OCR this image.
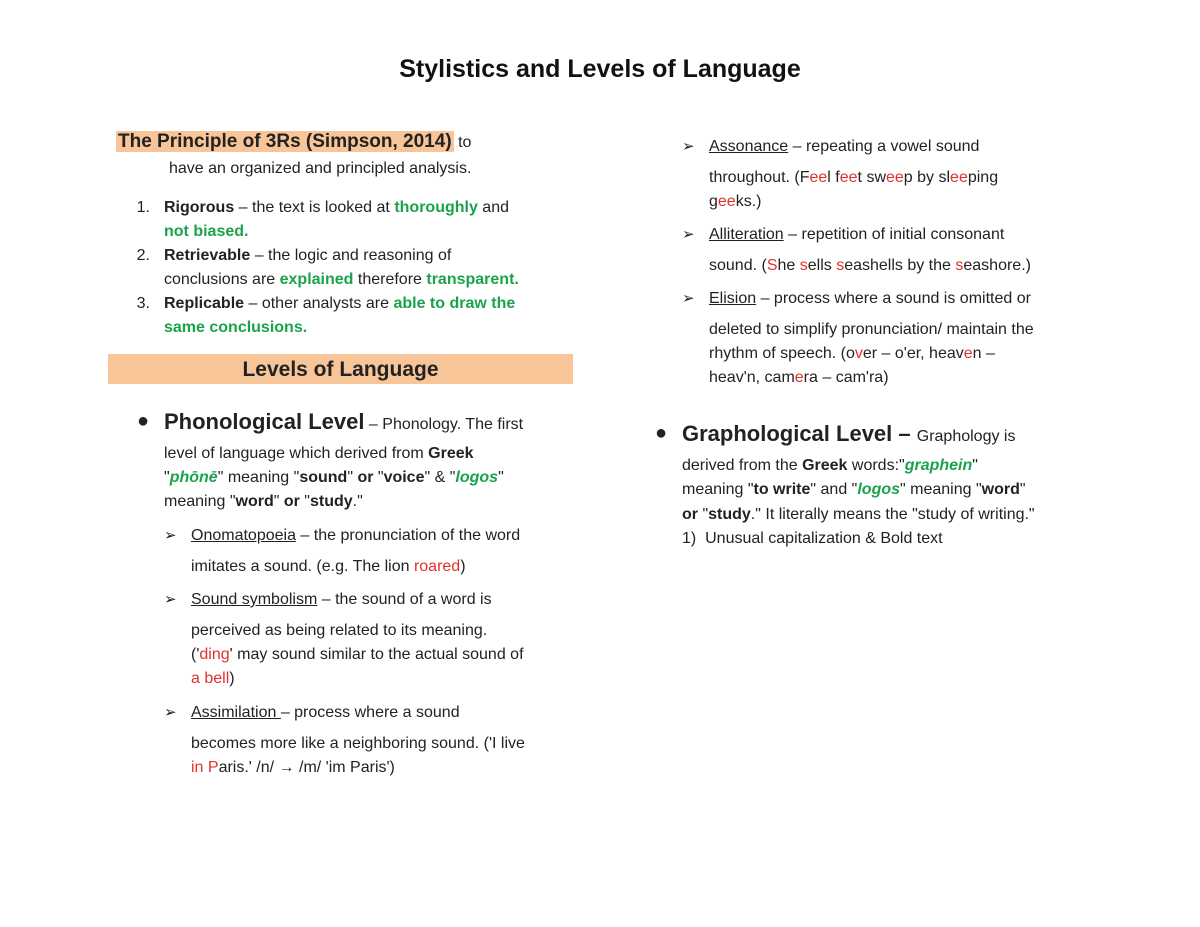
Stylistics and Levels of Language
The Principle of 3Rs (Simpson, 2014) to
have an organized and principled analysis.
1. Rigorous – the text is looked at thoroughly and
not biased.
2. Retrievable – the logic and reasoning of
conclusions are explained therefore transparent.
3. Replicable – other analysts are able to draw the
same conclusions.
Levels of Language
● Phonological Level – Phonology. The first
level of language which derived from Greek
"phōnē" meaning "sound" or "voice" & "logos"
meaning "word" or "study."
➢ Onomatopoeia – the pronunciation of the word
imitates a sound. (e.g. The lion roared)
➢ Sound symbolism – the sound of a word is
perceived as being related to its meaning.
('ding' may sound similar to the actual sound of
a bell)
➢ Assimilation – process where a sound
becomes more like a neighboring sound. ('I live
in Paris.' /n/ → /m/ 'im Paris')
➢ Assonance – repeating a vowel sound
throughout. (Feel feet sweep by sleeping
geeks.)
➢ Alliteration – repetition of initial consonant
sound. (She sells seashells by the seashore.)
➢ Elision – process where a sound is omitted or
deleted to simplify pronunciation/ maintain the
rhythm of speech. (over – o'er, heaven –
heav'n, camera – cam'ra)
● Graphological Level – Graphology is
derived from the Greek words:"graphein"
meaning "to write" and "logos" meaning "word"
or "study." It literally means the "study of writing."
1) Unusual capitalization & Bold text
